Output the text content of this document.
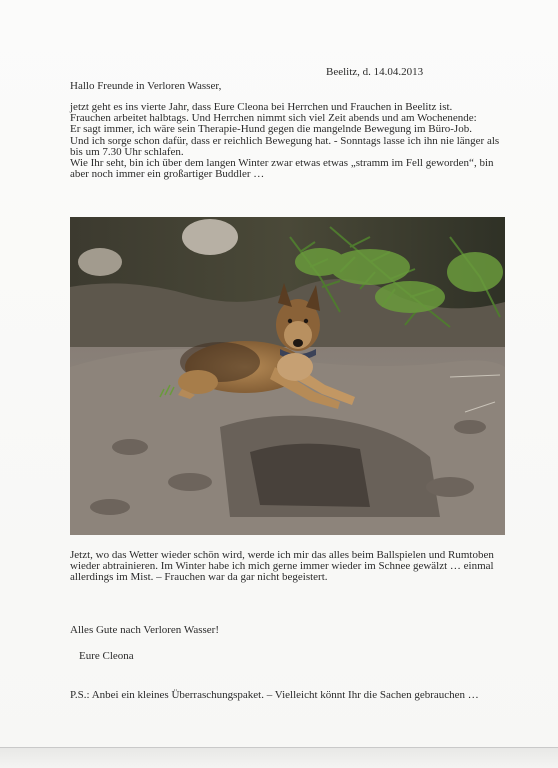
Beelitz, d. 14.04.2013
Hallo Freunde in Verloren Wasser,
jetzt geht es ins vierte Jahr, dass Eure Cleona bei Herrchen und Frauchen in Beelitz ist.
Frauchen arbeitet halbtags. Und Herrchen nimmt sich viel Zeit abends und am Wochenende:
Er sagt immer, ich wäre sein Therapie-Hund gegen die mangelnde Bewegung im Büro-Job.
Und ich sorge schon dafür, dass er reichlich Bewegung hat. - Sonntags lasse ich ihn nie länger als
bis um 7.30 Uhr schlafen.
Wie Ihr seht, bin ich über dem langen Winter zwar etwas etwas „stramm im Fell geworden“, bin
aber noch immer ein großartiger Buddler …
Jetzt, wo das Wetter wieder schön wird, werde ich mir das alles beim Ballspielen und Rumtoben
wieder abtrainieren. Im Winter habe ich mich gerne immer wieder im Schnee gewälzt … einmal
allerdings im Mist. – Frauchen war da gar nicht begeistert.
Alles Gute nach Verloren Wasser!
Eure Cleona
P.S.: Anbei ein kleines Überraschungspaket. – Vielleicht könnt Ihr die Sachen gebrauchen …
